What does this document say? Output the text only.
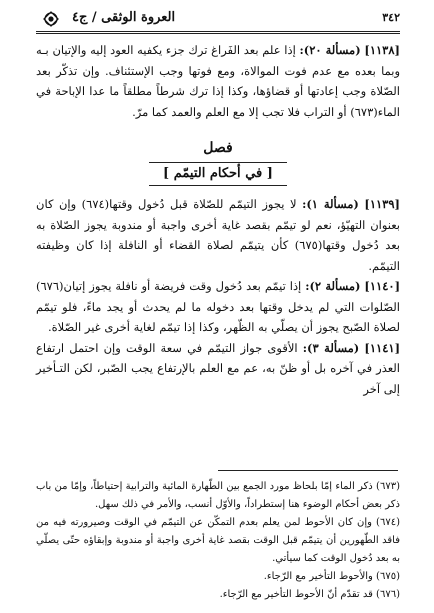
٣٤٢
العروة الوثقى / ج٤

[١١٣٨] (مسألة ٢٠): إذا علم بعد الفَراغ ترك جزء يكفيه العود إليه والإتيان بـه وبما بعده مع عدم فوت الموالاة، ومع فوتها وجب الإستئناف. وإن تذكّر بعد الصّلاة وجب إعادتها أو قضاؤها، وكذا إذا ترك شرطاً مطلقاً ما عدا الإباحة في الماء(٦٧٣) أو التراب فلا تجب إلا مع العلم والعمد كما مرّ.

فصل
[ في أحكام التيمّم ]

[١١٣٩] (مسألة ١): لا يجوز التيمّم للصّلاة قبل دُخول وقتها(٦٧٤) وإن كان بعنوان التهيّؤ، نعم لو تيمّم بقصد غاية أخرى واجبة أو مندوبة يجوز الصّلاة به بعد دُخول وقتها(٦٧٥) كأن يتيمّم لصلاة القضاء أو النافلة إذا كان وظيفته التيمّم.

[١١٤٠] (مسألة ٢): إذا تيمّم بعد دُخول وقت فريضة أو نافلة يجوز إتيان(٦٧٦) الصّلوات التي لم يدخل وقتها بعد دخوله ما لم يحدث أو يجد ماءً، فلو تيمّم لصلاة الصّبح يجوز أن يصلّي به الظّهر، وكذا إذا تيمّم لغاية أخرى غير الصّلاة.

[١١٤١] (مسألة ٣): الأقوى جواز التيمّم في سعة الوقت وإن احتمل ارتفاع العذر في آخره بل أو ظنّ به، عم مع العلم بالإرتفاع يجب الصّبر، لكن التـأخير إلى آخر

(٦٧٣) ذكر الماء إمّا بلحاظ مورد الجمع بين الطّهارة المائية والترابية إحتياطاً، وإمّا من باب ذكر بعض أحكام الوضوء هنا إستطراداً، والأوّل أنسب، والأمر في ذلك سهل.

(٦٧٤) وإن كان الأحوط لمن يعلم بعدم التمكّن عن التيمّم في الوقت وصيرورته فيه من فاقد الطّهورين أن يتيمّم قبل الوقت بقصد غاية أخرى واجبة أو مندوبة وإبقاؤه حتّى يصلّي به بعد دُخول الوقت كما سيأتي.

(٦٧٥) والأحوط التأخير مع الرّجاء.

(٦٧٦) قد تقدّم أنّ الأحوط التأخير مع الرّجاء.
